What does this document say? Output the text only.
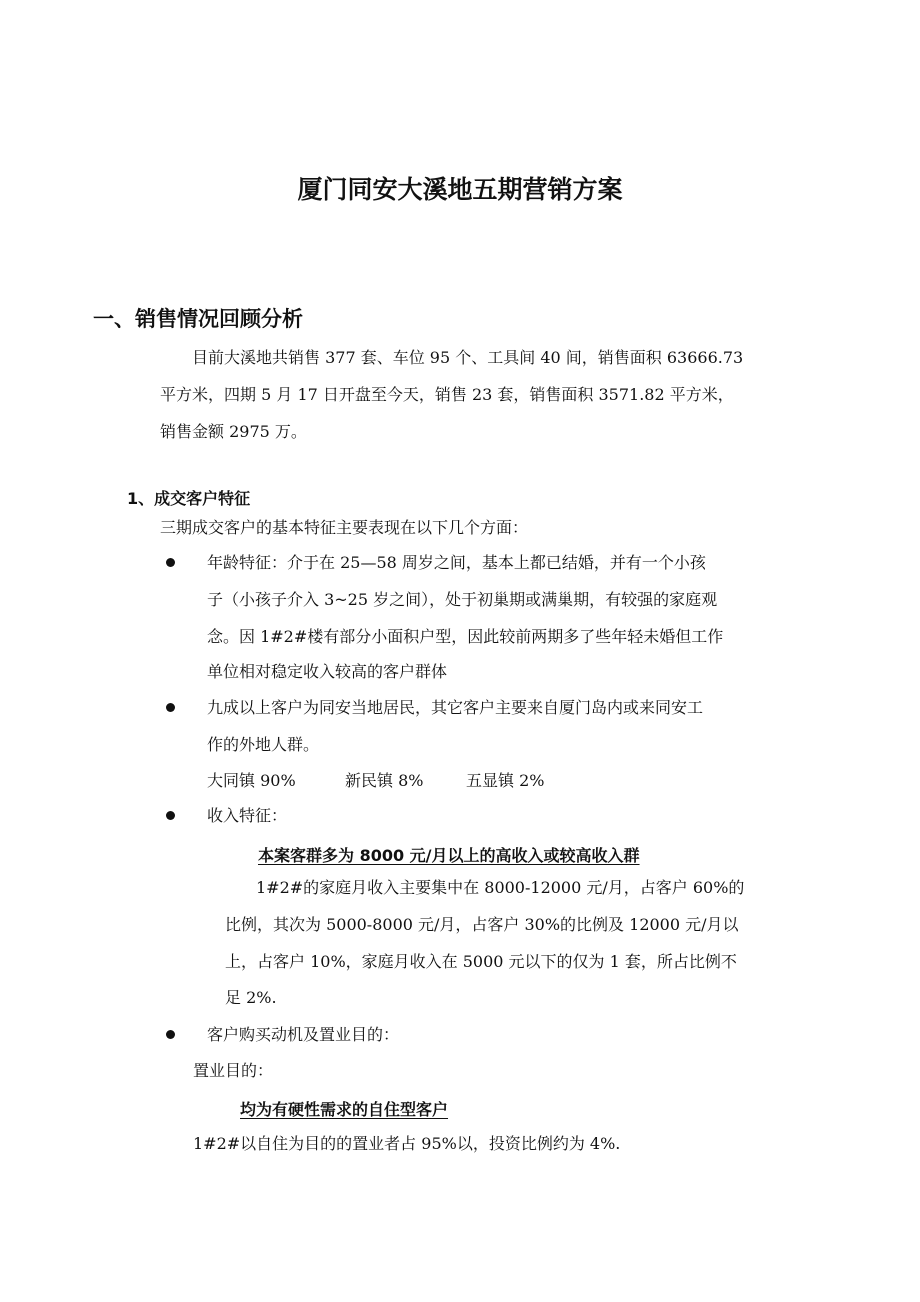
厦门同安大溪地五期营销方案
一、销售情况回顾分析
目前大溪地共销售 377 套、车位 95 个、工具间 40 间，销售面积 63666.73
平方米，四期 5 月 17 日开盘至今天，销售 23 套，销售面积 3571.82 平方米，
销售金额 2975 万。
1、成交客户特征
三期成交客户的基本特征主要表现在以下几个方面：
年龄特征：介于在 25—58 周岁之间，基本上都已结婚，并有一个小孩
子（小孩子介入 3~25 岁之间），处于初巢期或满巢期，有较强的家庭观
念。因 1#2#楼有部分小面积户型，因此较前两期多了些年轻未婚但工作
单位相对稳定收入较高的客户群体
九成以上客户为同安当地居民，其它客户主要来自厦门岛内或来同安工
作的外地人群。
大同镇 90%	新民镇 8%	五显镇 2%
收入特征：
本案客群多为 8000 元/月以上的高收入或较高收入群
1#2#的家庭月收入主要集中在 8000-12000 元/月，占客户 60%的
比例，其次为 5000-8000 元/月，占客户 30%的比例及 12000 元/月以
上，占客户 10%，家庭月收入在 5000 元以下的仅为 1 套，所占比例不
足 2%.
客户购买动机及置业目的：
置业目的：
均为有硬性需求的自住型客户
1#2#以自住为目的的置业者占 95%以，投资比例约为 4%.
